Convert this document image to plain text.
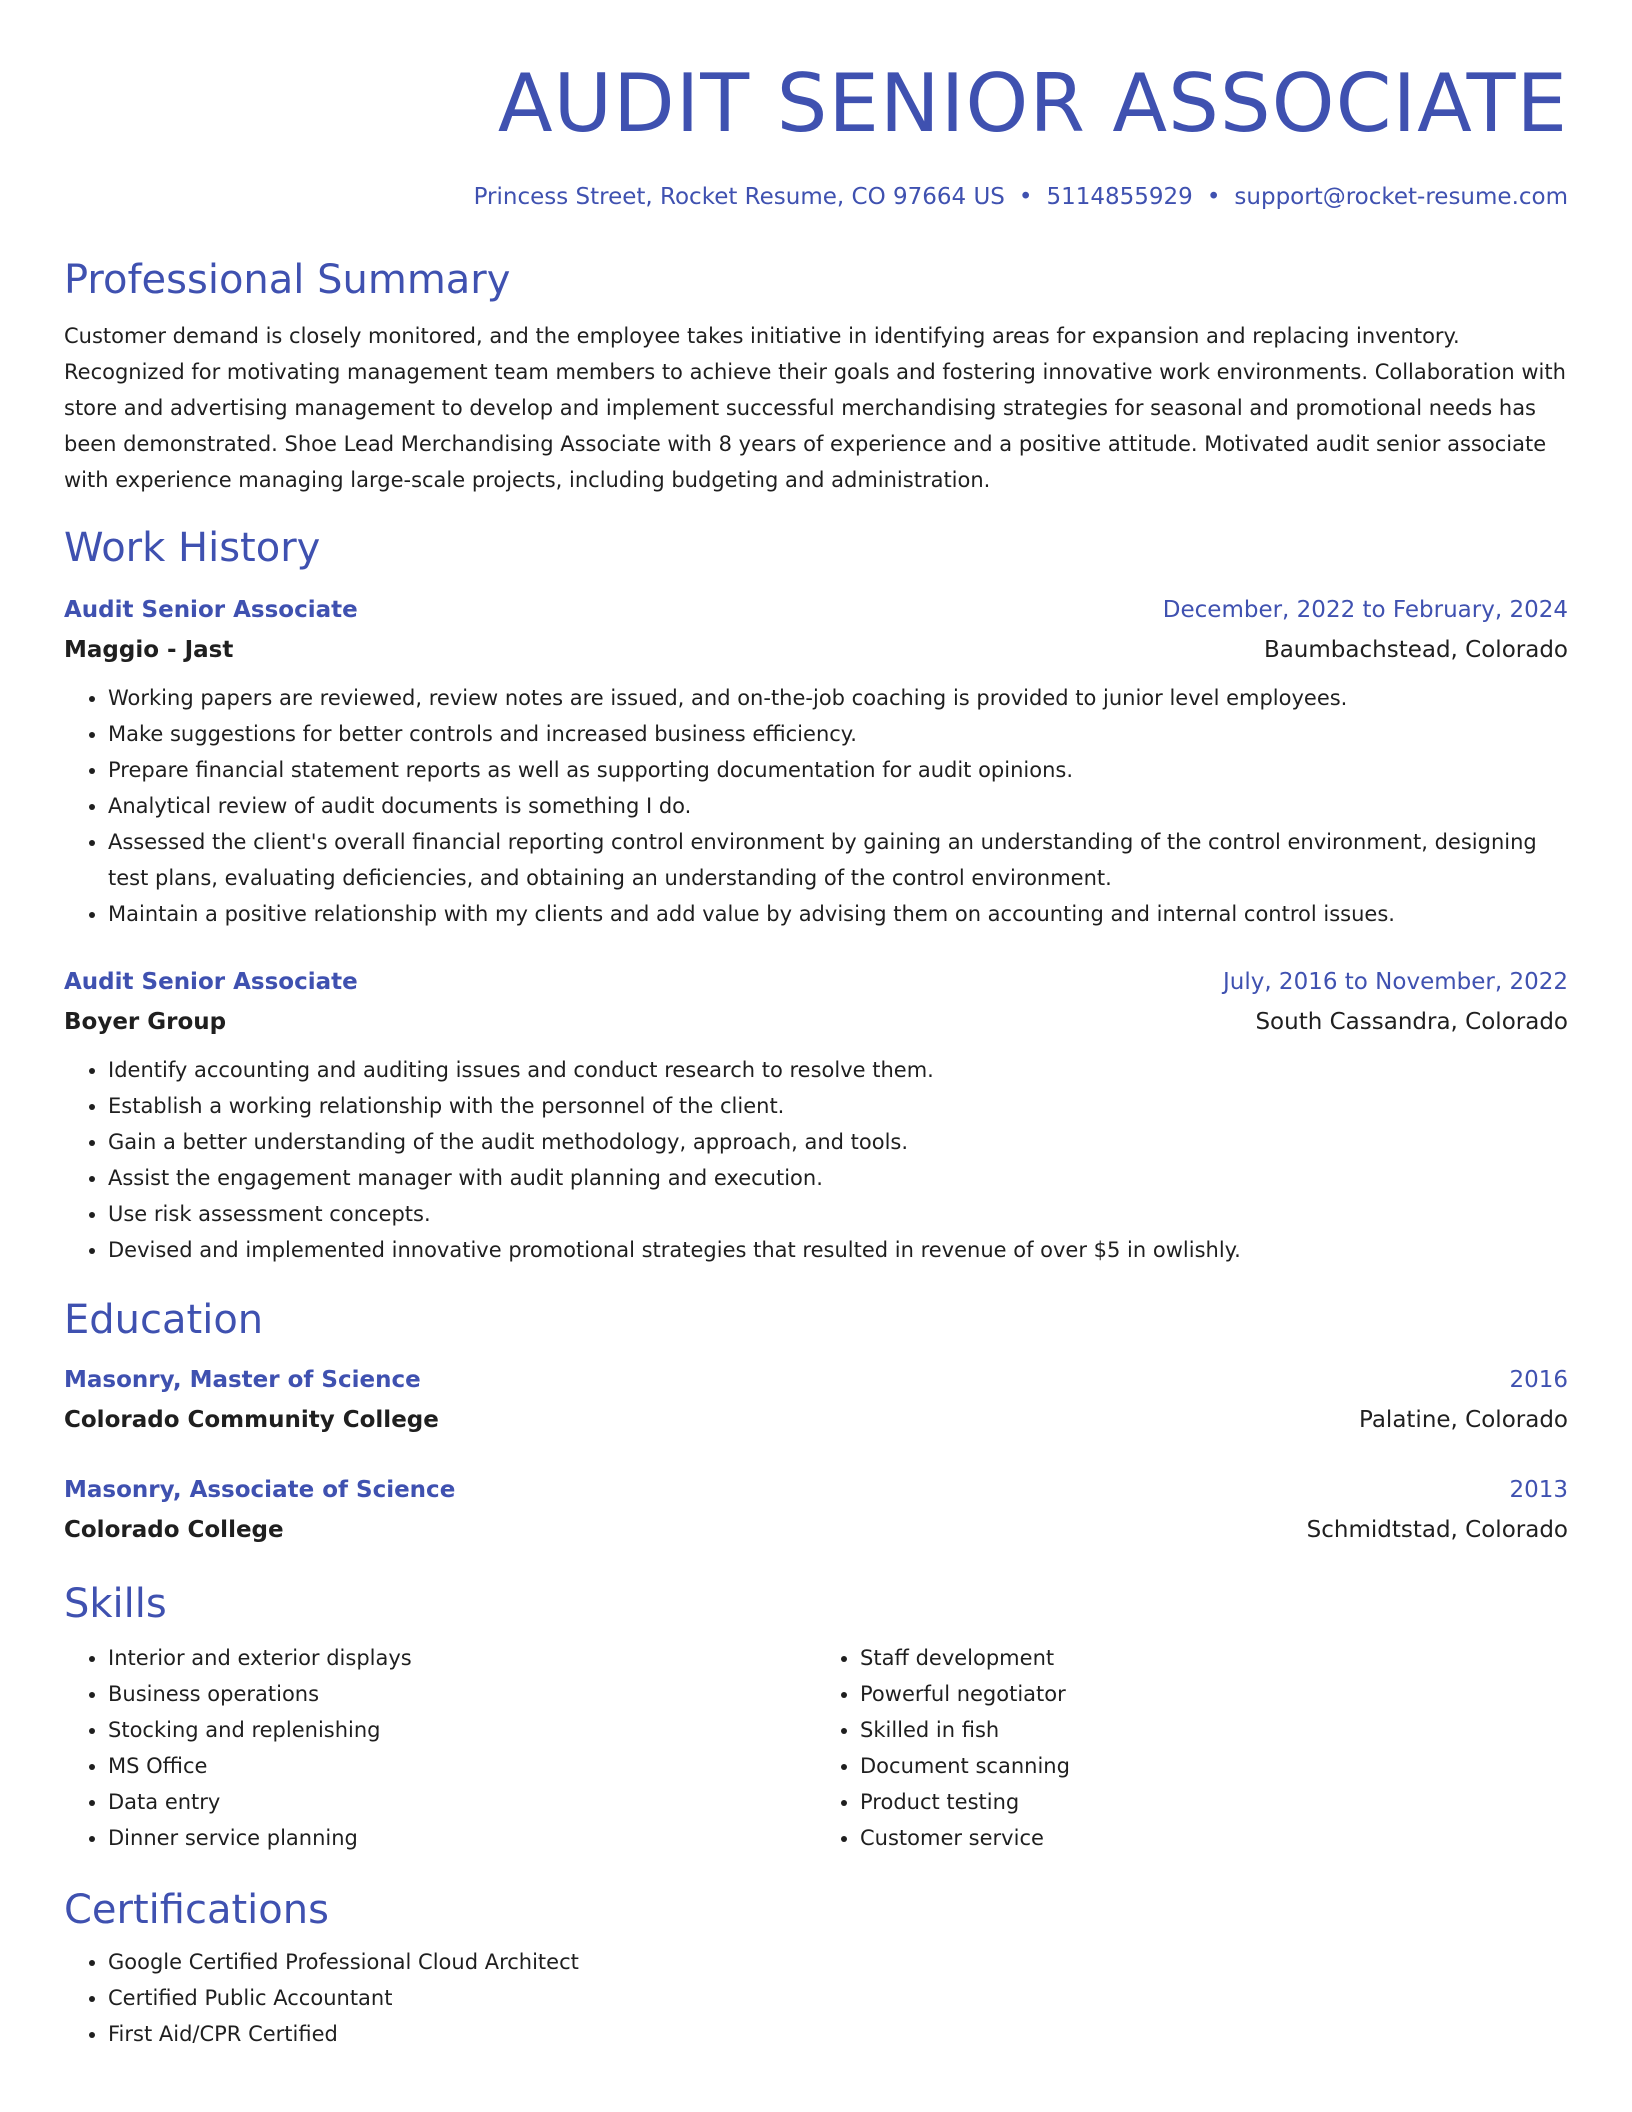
AUDIT SENIOR ASSOCIATE
Princess Street, Rocket Resume, CO 97664 US • 5114855929 • support@rocket-resume.com
Professional Summary
Customer demand is closely monitored, and the employee takes initiative in identifying areas for expansion and replacing inventory. Recognized for motivating management team members to achieve their goals and fostering innovative work environments. Collaboration with store and advertising management to develop and implement successful merchandising strategies for seasonal and promotional needs has been demonstrated. Shoe Lead Merchandising Associate with 8 years of experience and a positive attitude. Motivated audit senior associate with experience managing large-scale projects, including budgeting and administration.
Work History
Audit Senior Associate	December, 2022 to February, 2024
Maggio - Jast	Baumbachstead, Colorado
• Working papers are reviewed, review notes are issued, and on-the-job coaching is provided to junior level employees.
• Make suggestions for better controls and increased business efficiency.
• Prepare financial statement reports as well as supporting documentation for audit opinions.
• Analytical review of audit documents is something I do.
• Assessed the client's overall financial reporting control environment by gaining an understanding of the control environment, designing test plans, evaluating deficiencies, and obtaining an understanding of the control environment.
• Maintain a positive relationship with my clients and add value by advising them on accounting and internal control issues.
Audit Senior Associate	July, 2016 to November, 2022
Boyer Group	South Cassandra, Colorado
• Identify accounting and auditing issues and conduct research to resolve them.
• Establish a working relationship with the personnel of the client.
• Gain a better understanding of the audit methodology, approach, and tools.
• Assist the engagement manager with audit planning and execution.
• Use risk assessment concepts.
• Devised and implemented innovative promotional strategies that resulted in revenue of over $5 in owlishly.
Education
Masonry, Master of Science	2016
Colorado Community College	Palatine, Colorado
Masonry, Associate of Science	2013
Colorado College	Schmidtstad, Colorado
Skills
• Interior and exterior displays
• Business operations
• Stocking and replenishing
• MS Office
• Data entry
• Dinner service planning
• Staff development
• Powerful negotiator
• Skilled in fish
• Document scanning
• Product testing
• Customer service
Certifications
• Google Certified Professional Cloud Architect
• Certified Public Accountant
• First Aid/CPR Certified
